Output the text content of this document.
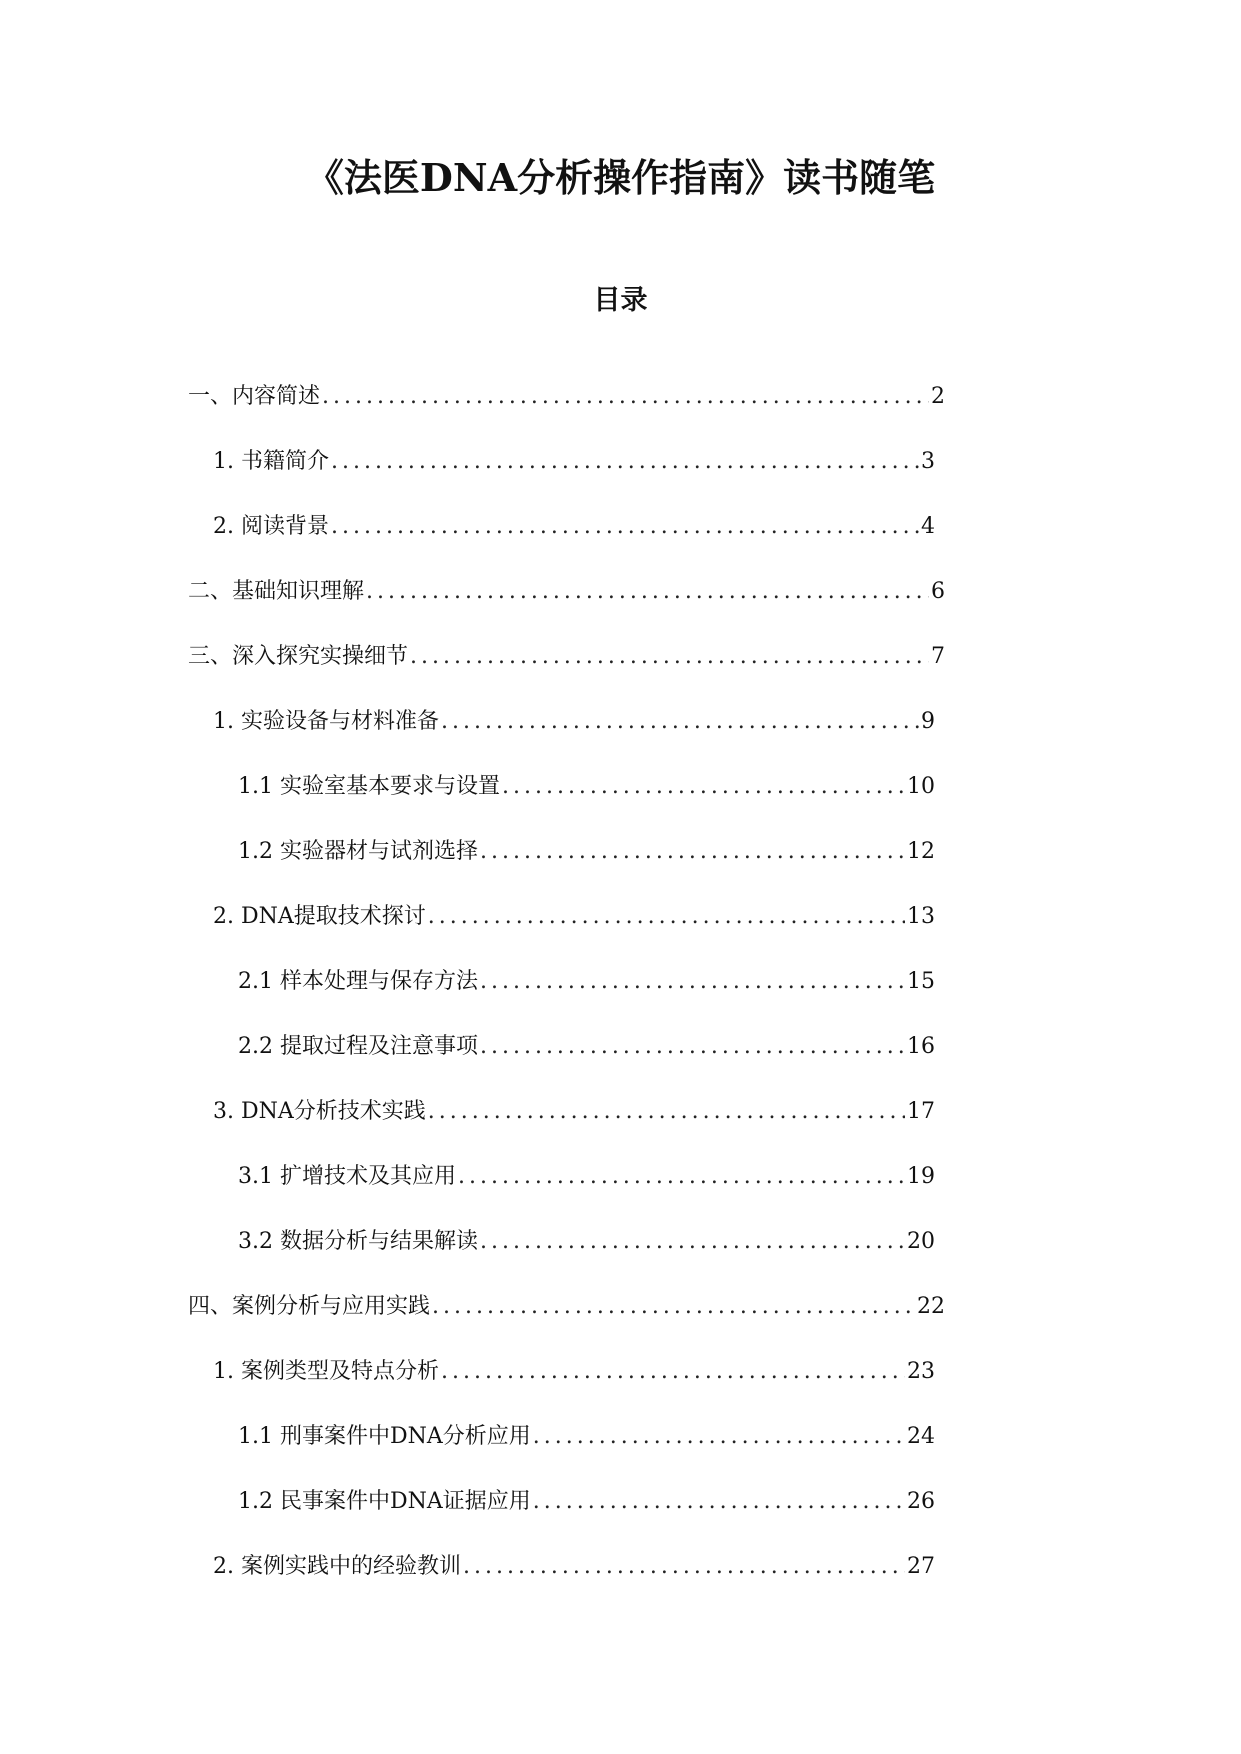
《法医DNA分析操作指南》读书随笔
目录
一、内容简述 .....	2
1. 书籍简介 .....	3
2. 阅读背景 .....	4
二、基础知识理解 .....	6
三、深入探究实操细节 .....	7
1. 实验设备与材料准备 .....	9
1.1 实验室基本要求与设置 .....	10
1.2 实验器材与试剂选择 .....	12
2. DNA提取技术探讨 .....	13
2.1 样本处理与保存方法 .....	15
2.2 提取过程及注意事项 .....	16
3. DNA分析技术实践 .....	17
3.1 扩增技术及其应用 .....	19
3.2 数据分析与结果解读 .....	20
四、案例分析与应用实践 .....	22
1. 案例类型及特点分析 .....	23
1.1 刑事案件中DNA分析应用 .....	24
1.2 民事案件中DNA证据应用 .....	26
2. 案例实践中的经验教训 .....	27
